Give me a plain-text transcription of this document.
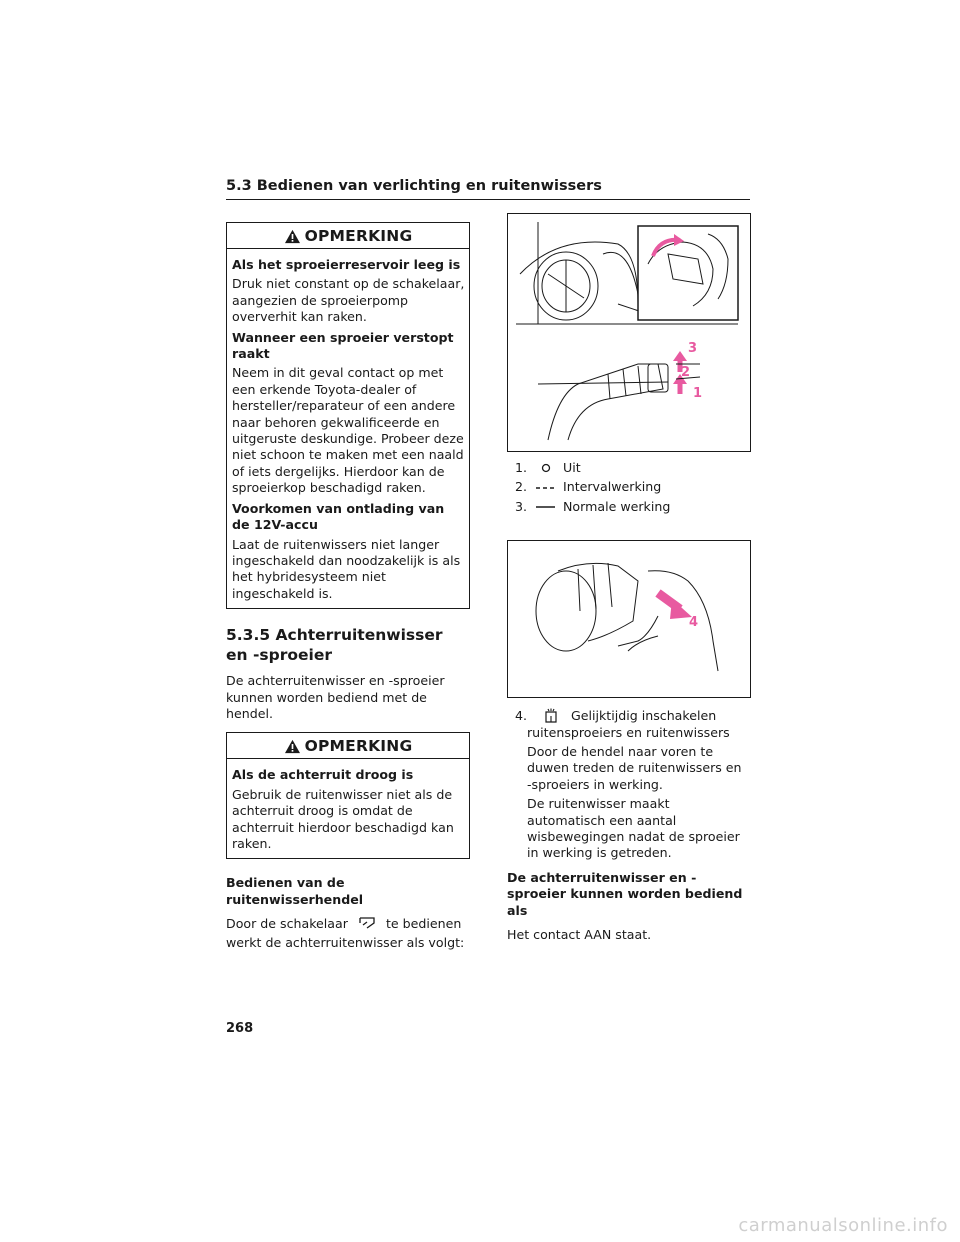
5.3 Bedienen van verlichting en ruitenwissers
OPMERKING
Als het sproeierreservoir leeg is

Druk niet constant op de schakelaar, aangezien de sproeierpomp oververhit kan raken.

Wanneer een sproeier verstopt raakt

Neem in dit geval contact op met een erkende Toyota-dealer of hersteller/reparateur of een andere naar behoren gekwalificeerde en uitgeruste deskundige. Probeer deze niet schoon te maken met een naald of iets dergelijks. Hierdoor kan de sproeierkop beschadigd raken.

Voorkomen van ontlading van de 12V-accu

Laat de ruitenwissers niet langer ingeschakeld dan noodzakelijk is als het hybridesysteem niet ingeschakeld is.

5.3.5 Achterruitenwisser en -sproeier

De achterruitenwisser en -sproeier kunnen worden bediend met de hendel.

OPMERKING
Als de achterruit droog is

Gebruik de ruitenwisser niet als de achterruit droog is omdat de achterruit hierdoor beschadigd kan raken.

Bedienen van de ruitenwisserhendel

Door de schakelaar	te bedienen werkt de achterruitenwisser als volgt:

3
2
1
1.	Uit
2.	Intervalwerking
3.	Normale werking
4
4.	Gelijktijdig inschakelen
ruitensproeiers en ruitenwissers
Door de hendel naar voren te duwen treden de ruitenwissers en -sproeiers in werking.
De ruitenwisser maakt automatisch een aantal wisbewegingen nadat de sproeier in werking is getreden.
De achterruitenwisser en -sproeier kunnen worden bediend als

Het contact AAN staat.

268
carmanualsonline.info
